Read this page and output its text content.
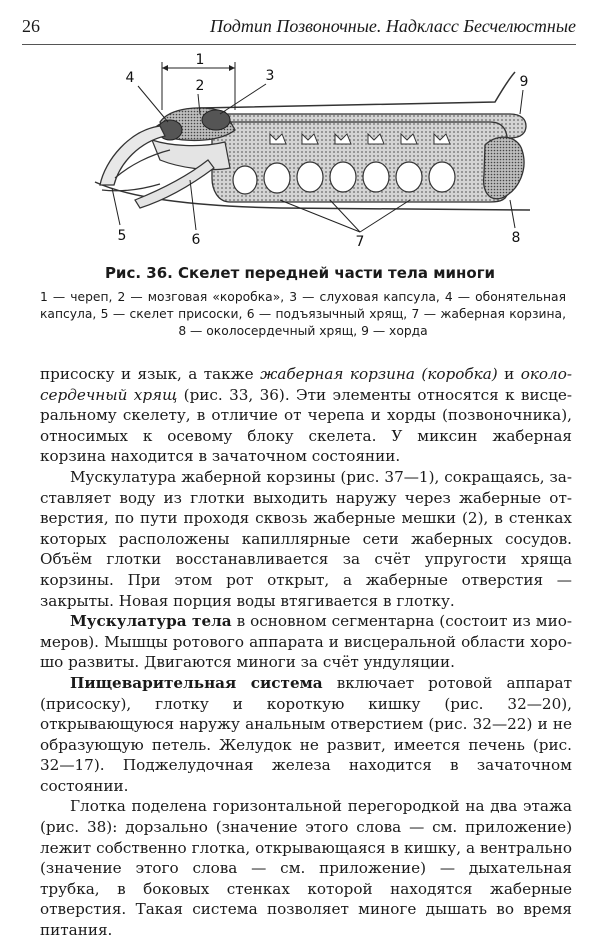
26	Подтип Позвоночные. Надкласс Бесчелюстные
1
2
3
4
5	6	7	8
9
Рис. 36. Скелет передней части тела миноги
1 — череп, 2 — мозговая «коробка», 3 — слуховая капсула, 4 — обонятельная капсула, 5 — скелет присоски, 6 — подъязычный хрящ, 7 — жаберная корзина, 8 — околосердечный хрящ, 9 — хорда

присоску и язык, а также жаберная корзина (коробка) и околосердечный хрящ (рис. 33, 36). Эти элементы относятся к висцеральному скелету, в отличие от черепа и хорды (позвоночника), относимых к осевому блоку скелета. У миксин жаберная корзина находится в зачаточном состоянии.

Мускулатура жаберной корзины (рис. 37—1), сокращаясь, заставляет воду из глотки выходить наружу через жаберные отверстия, по пути проходя сквозь жаберные мешки (2), в стенках которых расположены капиллярные сети жаберных сосудов. Объём глотки восстанавливается за счёт упругости хряща корзины. При этом рот открыт, а жаберные отверстия — закрыты. Новая порция воды втягивается в глотку.

Мускулатура тела в основном сегментарна (состоит из миомеров). Мышцы ротового аппарата и висцеральной области хорошо развиты. Двигаются миноги за счёт ундуляции.

Пищеварительная система включает ротовой аппарат (присоску), глотку и короткую кишку (рис. 32—20), открывающуюся наружу анальным отверстием (рис. 32—22) и не образующую петель. Желудок не развит, имеется печень (рис. 32—17). Поджелудочная железа находится в зачаточном состоянии.

Глотка поделена горизонтальной перегородкой на два этажа (рис. 38): дорзально (значение этого слова — см. приложение) лежит собственно глотка, открывающаяся в кишку, а вентрально (значение этого слова — см. приложение) — дыхательная трубка, в боковых стенках которой находятся жаберные отверстия. Такая система позволяет миноге дышать во время питания.
